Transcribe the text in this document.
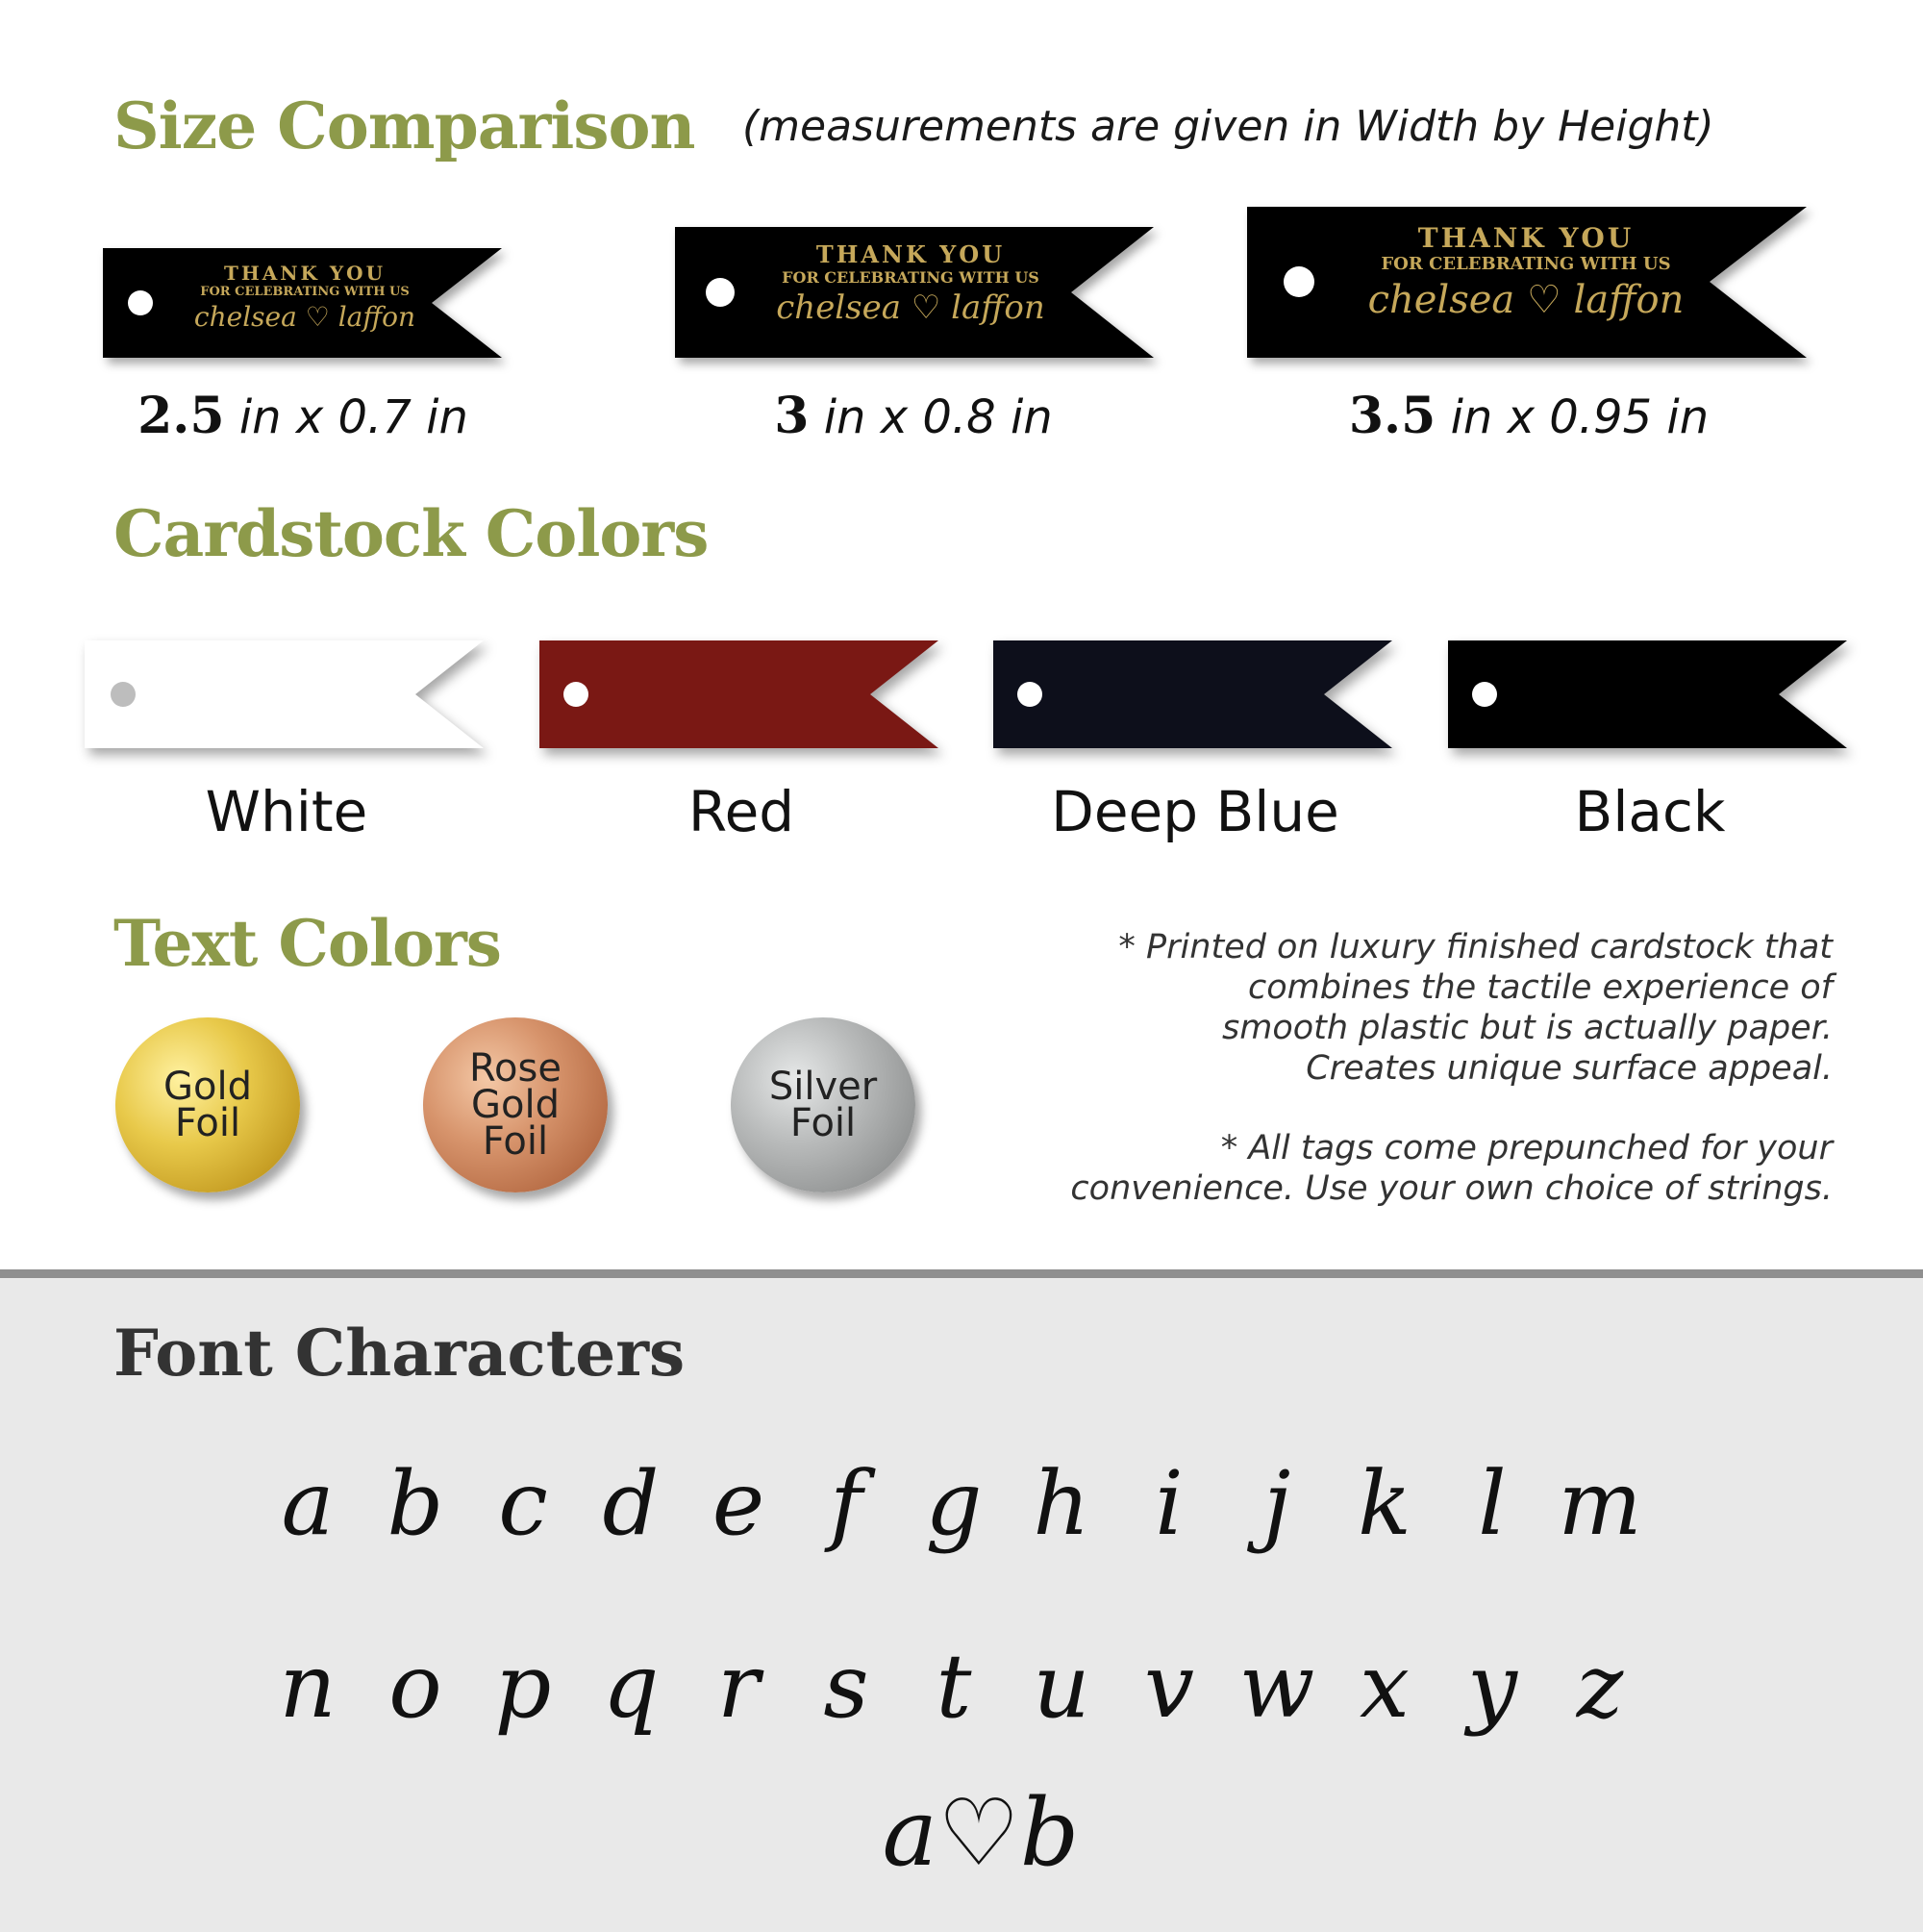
Size Comparison (measurements are given in Width by Height)
THANK YOU
FOR CELEBRATING WITH US
chelsea ♡ laffon
2.5 in x 0.7 in
THANK YOU
FOR CELEBRATING WITH US
chelsea ♡ laffon
3 in x 0.8 in
THANK YOU
FOR CELEBRATING WITH US
chelsea ♡ laffon
3.5 in x 0.95 in
Cardstock Colors
White	Red	Deep Blue	Black
Text Colors
Gold
Foil
Rose
Gold
Foil
Silver
Foil
* Printed on luxury finished cardstock that
combines the tactile experience of
smooth plastic but is actually paper.
Creates unique surface appeal.
* All tags come prepunched for your
convenience. Use your own choice of strings.
Font Characters
a b c d e f g h i j k l m
n o p q r s t u v w x y z
a♡b
